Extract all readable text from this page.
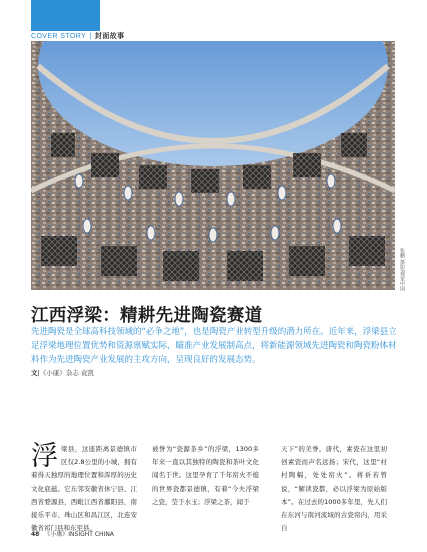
COVER STORY | 封面故事
张鹏 摄影/视觉中国
江西浮梁：精耕先进陶瓷赛道
先进陶瓷是全球高科技领域的“必争之地”，也是陶瓷产业转型升级的潜力所在。近年来，浮梁县立足浮梁地理位置优势和资源禀赋实际，瞄准产业发展制高点，将新能源领域先进陶瓷和陶瓷粉体材料作为先进陶瓷产业发展的主攻方向，呈现良好的发展态势。
文|《小康》杂志 袁凯
浮梁县，这座距离景德镇市区仅2.8公里的小城，拥有着得天独厚的地理位置和浑厚的历史文化底蕴。它东邻安徽省休宁县、江西省婺源县，西毗江西省鄱阳县，南接乐平市、珠山区和昌江区，北连安徽省祁门县和东至县。
被誉为“瓷源茶乡”的浮梁，1300多年来一直以其独特的陶瓷和茶叶文化闻名于世。这里孕育了千年窑火不熄的世界瓷都景德镇，有着“今夫浮梁之瓷，莹于水玉；浮梁之茶，闻于
天下”的美誉。唐代，素瓷在这里初创素瓷而声名远扬；宋代，这里“村村陶幅，处处窑火”。蒋祈若曾说，“解读瓷都，必以浮梁为原始版本”。在过去的1000多年里，先人们在东河与南河流域的古瓷窑内，用采自
48 《小康》INSIGHT CHINA
